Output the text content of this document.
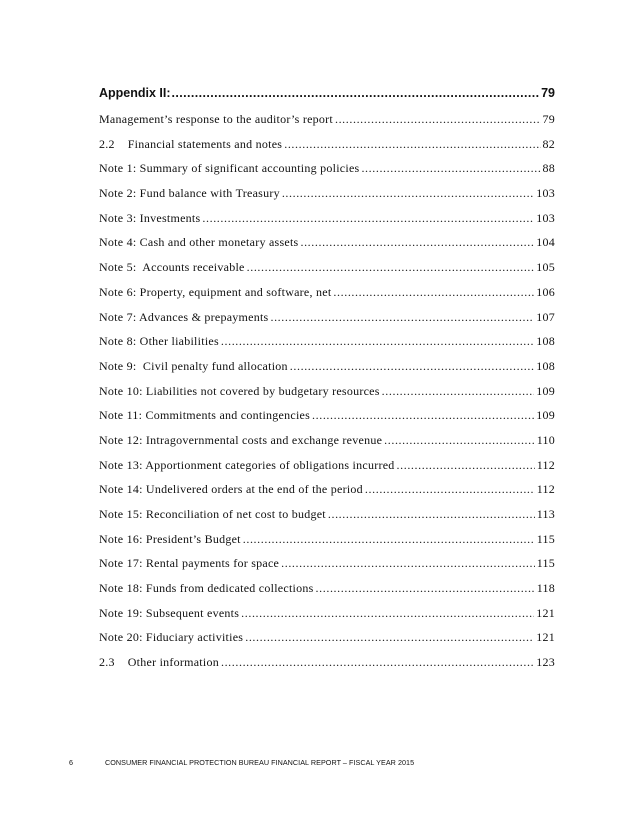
Appendix II: .....	79
Management’s response to the auditor’s report .....	79
2.2    Financial statements and notes .....	82
Note 1: Summary of significant accounting policies .....	88
Note 2: Fund balance with Treasury .....	103
Note 3: Investments .....	103
Note 4: Cash and other monetary assets .....	104
Note 5:  Accounts receivable .....	105
Note 6: Property, equipment and software, net .....	106
Note 7: Advances & prepayments .....	107
Note 8: Other liabilities .....	108
Note 9:  Civil penalty fund allocation .....	108
Note 10: Liabilities not covered by budgetary resources .....	109
Note 11: Commitments and contingencies .....	109
Note 12: Intragovernmental costs and exchange revenue .....	110
Note 13: Apportionment categories of obligations incurred .....	112
Note 14: Undelivered orders at the end of the period .....	112
Note 15: Reconciliation of net cost to budget .....	113
Note 16: President’s Budget .....	115
Note 17: Rental payments for space .....	115
Note 18: Funds from dedicated collections .....	118
Note 19: Subsequent events .....	121
Note 20: Fiduciary activities .....	121
2.3    Other information .....	123
6	CONSUMER FINANCIAL PROTECTION BUREAU FINANCIAL REPORT – FISCAL YEAR 2015
